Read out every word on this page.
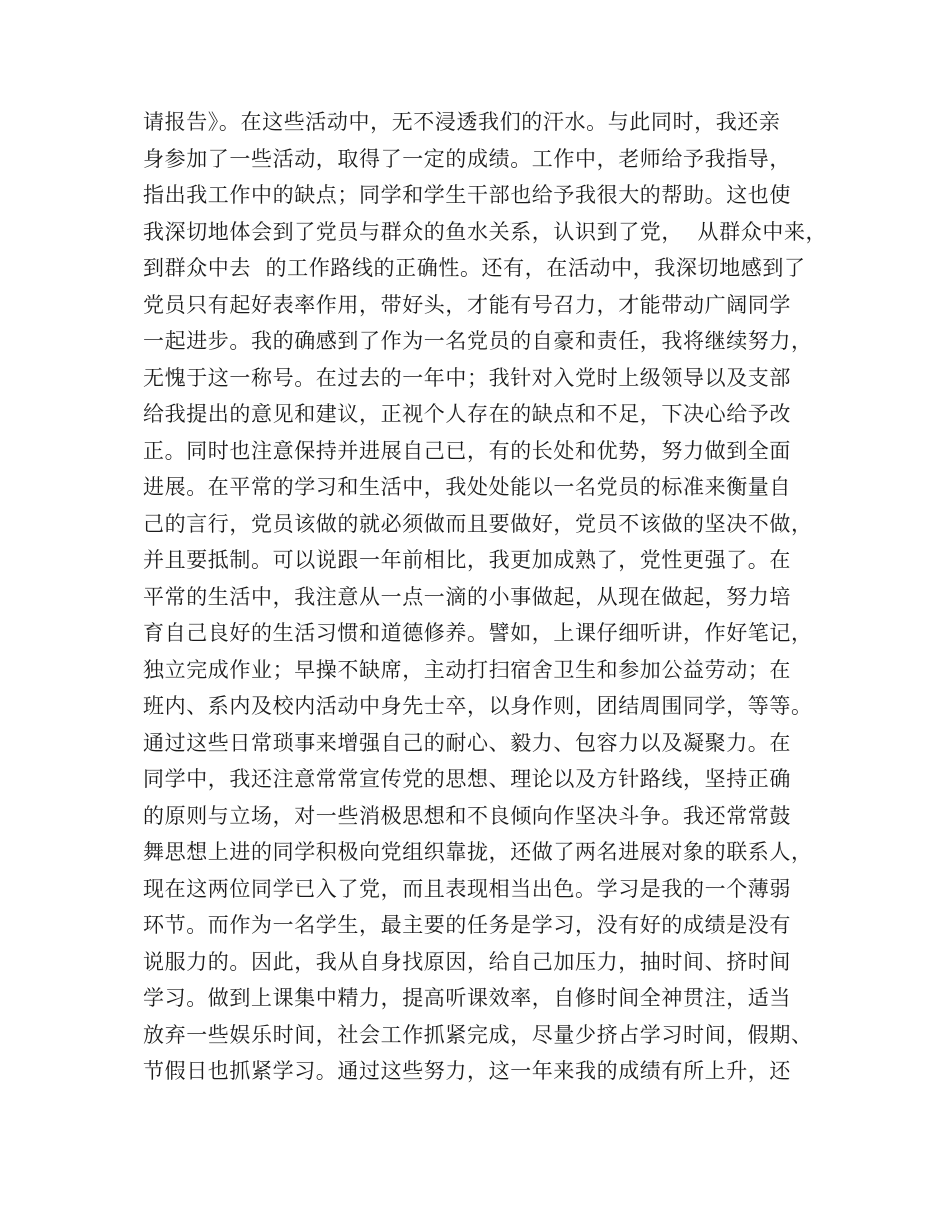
请报告》。在这些活动中，无不浸透我们的汗水。与此同时，我还亲
身参加了一些活动，取得了一定的成绩。工作中，老师给予我指导，
指出我工作中的缺点；同学和学生干部也给予我很大的帮助。这也使
我深切地体会到了党员与群众的鱼水关系，认识到了党，  从群众中来，
到群众中去  的工作路线的正确性。还有，在活动中，我深切地感到了
党员只有起好表率作用，带好头，才能有号召力，才能带动广阔同学
一起进步。我的确感到了作为一名党员的自豪和责任，我将继续努力，
无愧于这一称号。在过去的一年中；我针对入党时上级领导以及支部
给我提出的意见和建议，正视个人存在的缺点和不足，下决心给予改
正。同时也注意保持并进展自己已，有的长处和优势，努力做到全面
进展。在平常的学习和生活中，我处处能以一名党员的标准来衡量自
己的言行，党员该做的就必须做而且要做好，党员不该做的坚决不做，
并且要抵制。可以说跟一年前相比，我更加成熟了，党性更强了。在
平常的生活中，我注意从一点一滴的小事做起，从现在做起，努力培
育自己良好的生活习惯和道德修养。譬如，上课仔细听讲，作好笔记，
独立完成作业；早操不缺席，主动打扫宿舍卫生和参加公益劳动；在
班内、系内及校内活动中身先士卒，以身作则，团结周围同学，等等。
通过这些日常琐事来增强自己的耐心、毅力、包容力以及凝聚力。在
同学中，我还注意常常宣传党的思想、理论以及方针路线，坚持正确
的原则与立场，对一些消极思想和不良倾向作坚决斗争。我还常常鼓
舞思想上进的同学积极向党组织靠拢，还做了两名进展对象的联系人，
现在这两位同学已入了党，而且表现相当出色。学习是我的一个薄弱
环节。而作为一名学生，最主要的任务是学习，没有好的成绩是没有
说服力的。因此，我从自身找原因，给自己加压力，抽时间、挤时间
学习。做到上课集中精力，提高听课效率，自修时间全神贯注，适当
放弃一些娱乐时间，社会工作抓紧完成，尽量少挤占学习时间，假期、
节假日也抓紧学习。通过这些努力，这一年来我的成绩有所上升，还
